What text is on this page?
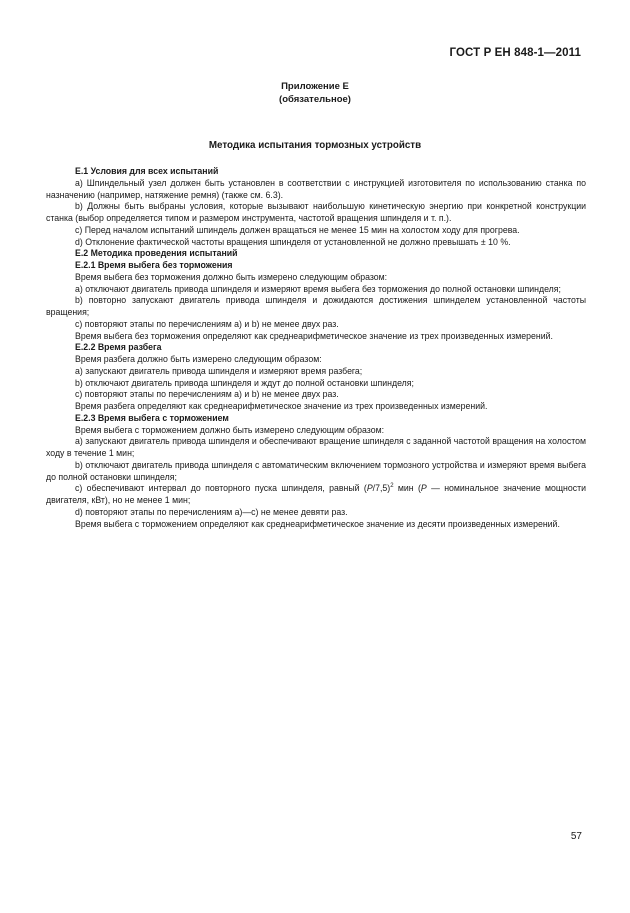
ГОСТ Р ЕН 848-1—2011
Приложение E
(обязательное)
Методика испытания тормозных устройств

E.1 Условия для всех испытаний

а) Шпиндельный узел должен быть установлен в соответствии с инструкцией изготовителя по использованию станка по назначению (например, натяжение ремня) (также см. 6.3).

b) Должны быть выбраны условия, которые вызывают наибольшую кинетическую энергию при конкретной конструкции станка (выбор определяется типом и размером инструмента, частотой вращения шпинделя и т. п.).

c) Перед началом испытаний шпиндель должен вращаться не менее 15 мин на холостом ходу для прогрева.

d) Отклонение фактической частоты вращения шпинделя от установленной не должно превышать ± 10 %.

E.2 Методика проведения испытаний

E.2.1 Время выбега без торможения

Время выбега без торможения должно быть измерено следующим образом:

а) отключают двигатель привода шпинделя и измеряют время выбега без торможения до полной остановки шпинделя;

b) повторно запускают двигатель привода шпинделя и дожидаются достижения шпинделем установленной частоты вращения;

c) повторяют этапы по перечислениям а) и b) не менее двух раз.

Время выбега без торможения определяют как среднеарифметическое значение из трех произведенных измерений.

E.2.2 Время разбега

Время разбега должно быть измерено следующим образом:

а) запускают двигатель привода шпинделя и измеряют время разбега;

b) отключают двигатель привода шпинделя и ждут до полной остановки шпинделя;

c) повторяют этапы по перечислениям а) и b) не менее двух раз.

Время разбега определяют как среднеарифметическое значение из трех произведенных измерений.

E.2.3 Время выбега с торможением

Время выбега с торможением должно быть измерено следующим образом:

а) запускают двигатель привода шпинделя и обеспечивают вращение шпинделя с заданной частотой вращения на холостом ходу в течение 1 мин;

b) отключают двигатель привода шпинделя с автоматическим включением тормозного устройства и измеряют время выбега до полной остановки шпинделя;

c) обеспечивают интервал до повторного пуска шпинделя, равный $(P/7,5)^2$ мин (P — номинальное значение мощности двигателя, кВт), но не менее 1 мин;

d) повторяют этапы по перечислениям а)—c) не менее девяти раз.

Время выбега с торможением определяют как среднеарифметическое значение из десяти произведенных измерений.

57
